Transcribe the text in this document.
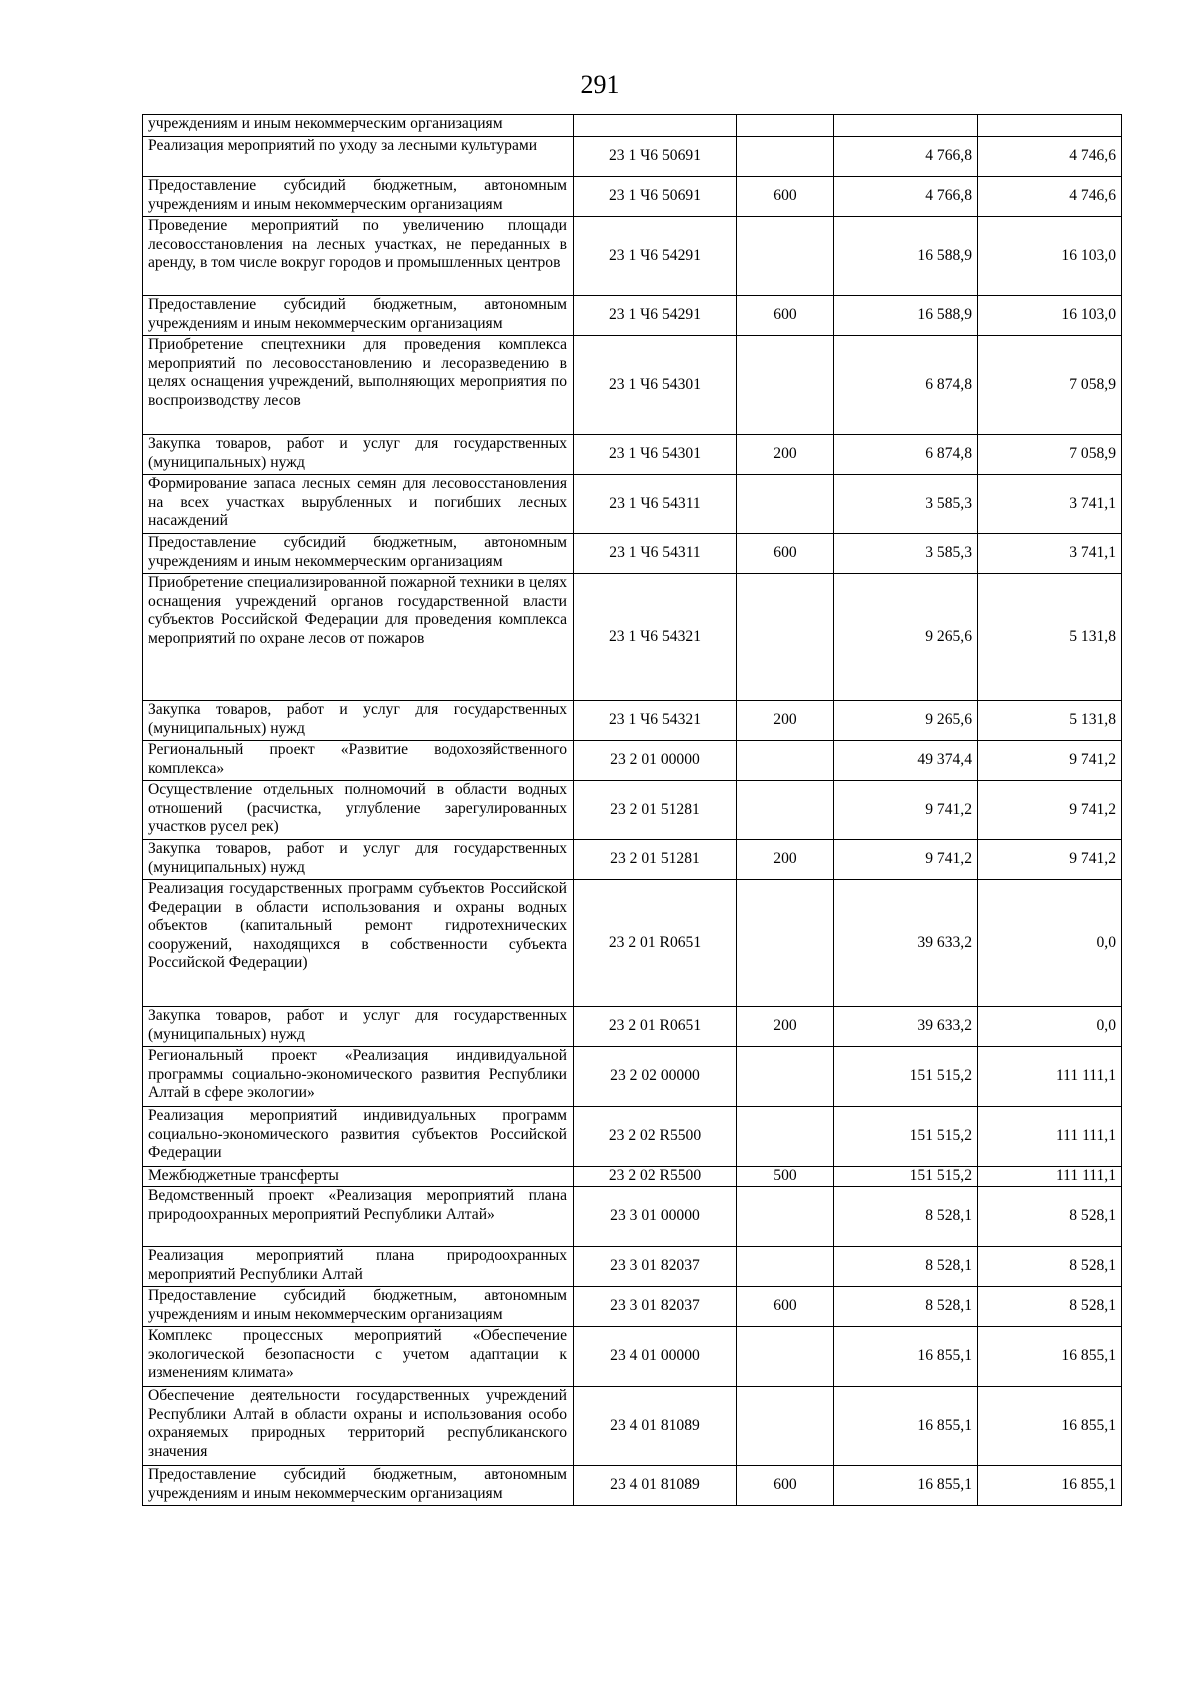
291
учреждениям и иным некоммерческим организациям				
Реализация мероприятий по уходу за лесными культурами	23 1 Ч6 50691		4 766,8	4 746,6
Предоставление субсидий бюджетным, автономным учреждениям и иным некоммерческим организациям	23 1 Ч6 50691	600	4 766,8	4 746,6
Проведение мероприятий по увеличению площади лесовосстановления на лесных участках, не переданных в аренду, в том числе вокруг городов и промышленных центров	23 1 Ч6 54291		16 588,9	16 103,0
Предоставление субсидий бюджетным, автономным учреждениям и иным некоммерческим организациям	23 1 Ч6 54291	600	16 588,9	16 103,0
Приобретение спецтехники для проведения комплекса мероприятий по лесовосстановлению и лесоразведению в целях оснащения учреждений, выполняющих мероприятия по воспроизводству лесов	23 1 Ч6 54301		6 874,8	7 058,9
Закупка товаров, работ и услуг для государственных (муниципальных) нужд	23 1 Ч6 54301	200	6 874,8	7 058,9
Формирование запаса лесных семян для лесовосстановления на всех участках вырубленных и погибших лесных насаждений	23 1 Ч6 54311		3 585,3	3 741,1
Предоставление субсидий бюджетным, автономным учреждениям и иным некоммерческим организациям	23 1 Ч6 54311	600	3 585,3	3 741,1
Приобретение специализированной пожарной техники в целях оснащения учреждений органов государственной власти субъектов Российской Федерации для проведения комплекса мероприятий по охране лесов от пожаров	23 1 Ч6 54321		9 265,6	5 131,8
Закупка товаров, работ и услуг для государственных (муниципальных) нужд	23 1 Ч6 54321	200	9 265,6	5 131,8
Региональный проект «Развитие водохозяйственного комплекса»	23 2 01 00000		49 374,4	9 741,2
Осуществление отдельных полномочий в области водных отношений (расчистка, углубление зарегулированных участков русел рек)	23 2 01 51281		9 741,2	9 741,2
Закупка товаров, работ и услуг для государственных (муниципальных) нужд	23 2 01 51281	200	9 741,2	9 741,2
Реализация государственных программ субъектов Российской Федерации в области использования и охраны водных объектов (капитальный ремонт гидротехнических сооружений, находящихся в собственности субъекта Российской Федерации)	23 2 01 R0651		39 633,2	0,0
Закупка товаров, работ и услуг для государственных (муниципальных) нужд	23 2 01 R0651	200	39 633,2	0,0
Региональный проект «Реализация индивидуальной программы социально-экономического развития Республики Алтай в сфере экологии»	23 2 02 00000		151 515,2	111 111,1
Реализация мероприятий индивидуальных программ социально-экономического развития субъектов Российской Федерации	23 2 02 R5500		151 515,2	111 111,1
Межбюджетные трансферты	23 2 02 R5500	500	151 515,2	111 111,1
Ведомственный проект «Реализация мероприятий плана природоохранных мероприятий Республики Алтай»	23 3 01 00000		8 528,1	8 528,1
Реализация мероприятий плана природоохранных мероприятий Республики Алтай	23 3 01 82037		8 528,1	8 528,1
Предоставление субсидий бюджетным, автономным учреждениям и иным некоммерческим организациям	23 3 01 82037	600	8 528,1	8 528,1
Комплекс процессных мероприятий «Обеспечение экологической безопасности с учетом адаптации к изменениям климата»	23 4 01 00000		16 855,1	16 855,1
Обеспечение деятельности государственных учреждений Республики Алтай в области охраны и использования особо охраняемых природных территорий республиканского значения	23 4 01 81089		16 855,1	16 855,1
Предоставление субсидий бюджетным, автономным учреждениям и иным некоммерческим организациям	23 4 01 81089	600	16 855,1	16 855,1
